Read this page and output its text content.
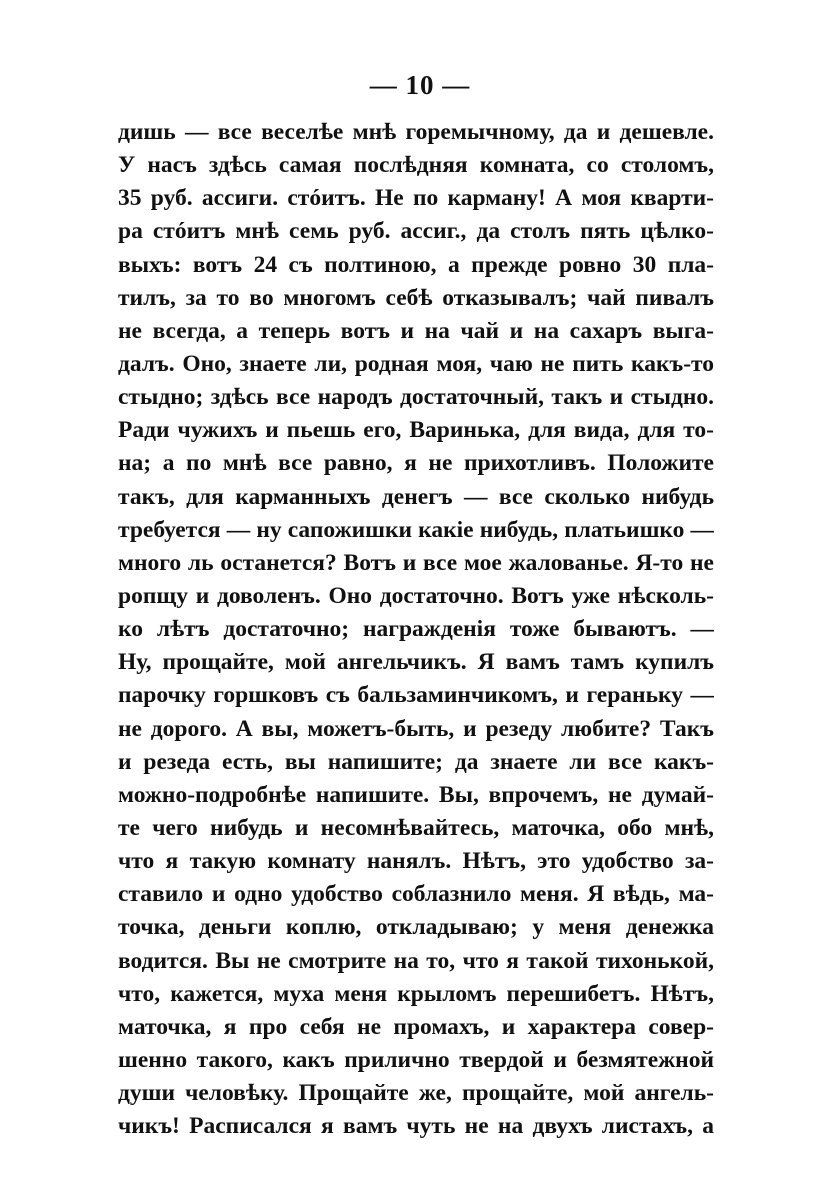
— 10 —
дишь — все веселѣе мнѣ горемычному, да и дешевле.
У насъ здѣсь самая послѣдняя комната, со столомъ,
35 руб. ассиги. стóитъ. Не по карману! А моя кварти-
ра стóитъ мнѣ семь руб. ассиг., да столъ пять цѣлко-
выхъ: вотъ 24 съ полтиною, а прежде ровно 30 пла-
тилъ, за то во многомъ себѣ отказывалъ; чай пивалъ
не всегда, а теперь вотъ и на чай и на сахаръ выга-
далъ. Оно, знаете ли, родная моя, чаю не пить какъ-то
стыдно; здѣсь все народъ достаточный, такъ и стыдно.
Ради чужихъ и пьешь его, Варинька, для вида, для то-
на; а по мнѣ все равно, я не прихотливъ. Положите
такъ, для карманныхъ денегъ — все сколько нибудь
требуется — ну сапожишки какіе нибудь, платьишко —
много ль останется? Вотъ и все мое жалованье. Я-то не
ропщу и доволенъ. Оно достаточно. Вотъ уже нѣсколь-
ко лѣтъ достаточно; награжденія тоже бываютъ. —
Ну, прощайте, мой ангельчикъ. Я вамъ тамъ купилъ
парочку горшковъ съ бальзаминчикомъ, и гераньку —
не дорого. А вы, можетъ-быть, и резеду любите? Такъ
и резеда есть, вы напишите; да знаете ли все какъ-
можно-подробнѣе напишите. Вы, впрочемъ, не думай-
те чего нибудь и несомнѣвайтесь, маточка, обо мнѣ,
что я такую комнату нанялъ. Нѣтъ, это удобство за-
ставило и одно удобство соблазнило меня. Я вѣдь, ма-
точка, деньги коплю, откладываю; у меня денежка
водится. Вы не смотрите на то, что я такой тихонькой,
что, кажется, муха меня крыломъ перешибетъ. Нѣтъ,
маточка, я про себя не промахъ, и характера совер-
шенно такого, какъ прилично твердой и безмятежной
души человѣку. Прощайте же, прощайте, мой ангель-
чикъ! Расписался я вамъ чуть не на двухъ листахъ, а
